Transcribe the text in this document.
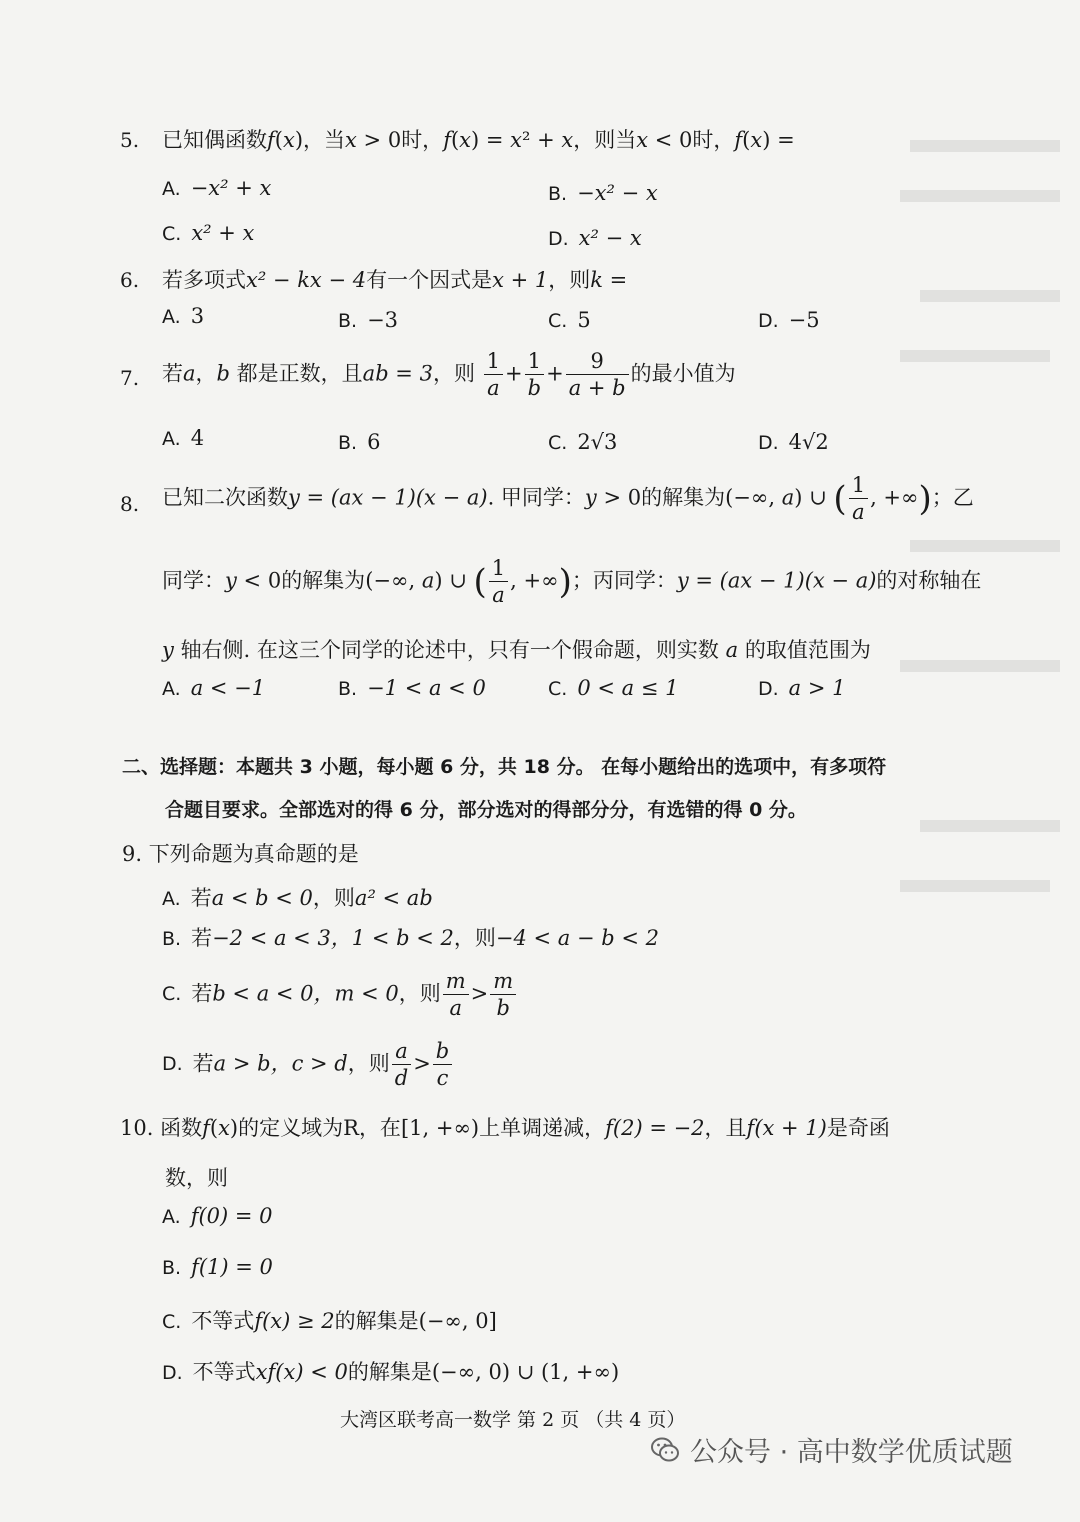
5. 已知偶函数f(x)，当x > 0时，f(x) = x² + x，则当x < 0时，f(x) =
A. −x² + x	B. −x² − x
C. x² + x	D. x² − x
6. 若多项式x² − kx − 4有一个因式是x + 1，则k =
A. 3	B. −3	C. 5	D. −5
7. 若a，b 都是正数，且ab = 3，则 $\frac{1}{a} + \frac{1}{b} + \frac{9}{a + b}$ 的最小值为
A. 4	B. 6	C. 2√3	D. 4√2
8. 已知二次函数y = (ax − 1)(x − a). 甲同学：y > 0的解集为(−∞, a) ∪ ( $\frac{1}{a}$ , +∞)；乙
同学：y < 0的解集为(−∞, a) ∪ ( $\frac{1}{a}$ , +∞)；丙同学：y = (ax − 1)(x − a)的对称轴在
y 轴右侧. 在这三个同学的论述中，只有一个假命题，则实数 a 的取值范围为
A. a < −1	B. −1 < a < 0	C. 0 < a ≤ 1	D. a > 1
二、选择题：本题共 3 小题，每小题 6 分，共 18 分。 在每小题给出的选项中，有多项符
合题目要求。全部选对的得 6 分，部分选对的得部分分，有选错的得 0 分。
9. 下列命题为真命题的是
A. 若a < b < 0，则a² < ab
B. 若−2 < a < 3，1 < b < 2，则−4 < a − b < 2
C. 若b < a < 0，m < 0，则 $\frac{m}{a} > \frac{m}{b}$
D. 若a > b，c > d，则 $\frac{a}{d} > \frac{b}{c}$
10. 函数f(x)的定义域为R，在[1, +∞)上单调递减，f(2) = −2，且f(x + 1)是奇函
数，则
A. f(0) = 0
B. f(1) = 0
C. 不等式f(x) ≥ 2的解集是(−∞, 0]
D. 不等式xf(x) < 0的解集是(−∞, 0) ∪ (1, +∞)
大湾区联考高一数学 第 2 页 （共 4 页）
公众号 · 高中数学优质试题
